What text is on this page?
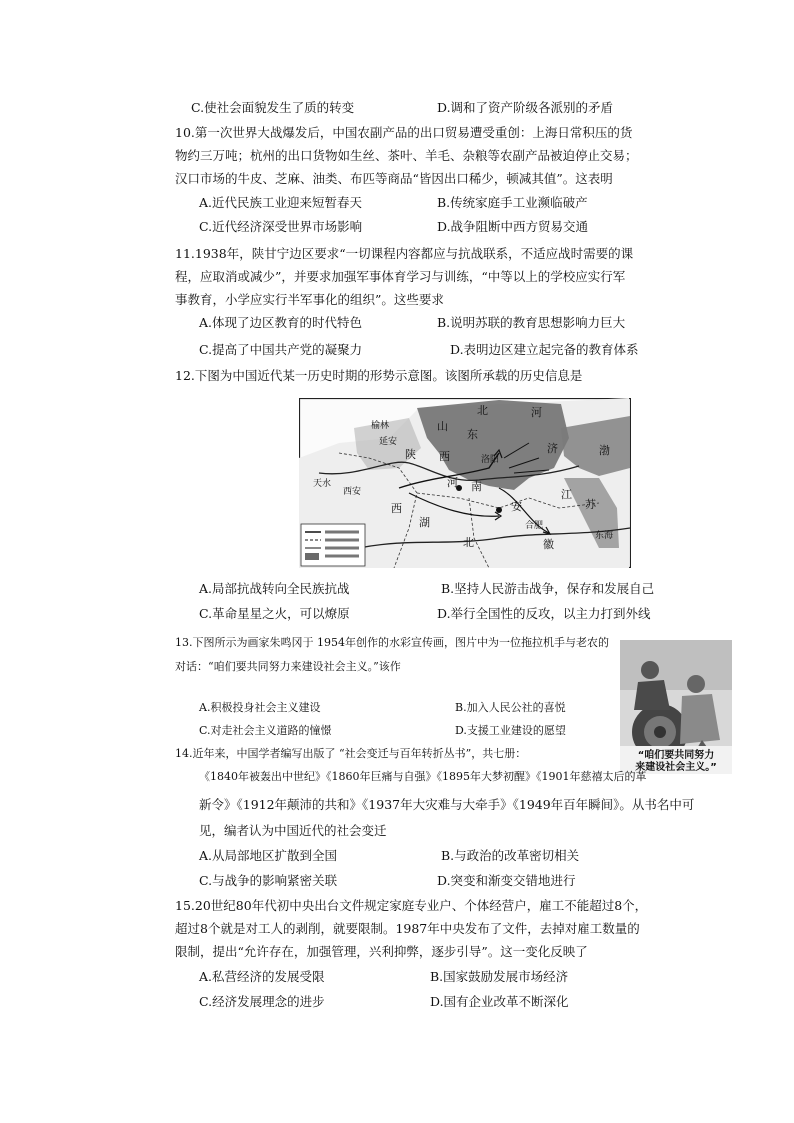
C.使社会面貌发生了质的转变	D.调和了资产阶级各派别的矛盾
10.第一次世界大战爆发后，中国农副产品的出口贸易遭受重创：上海日常积压的货
物约三万吨；杭州的出口货物如生丝、茶叶、羊毛、杂粮等农副产品被迫停止交易；
汉口市场的牛皮、芝麻、油类、布匹等商品“皆因出口稀少，顿减其值”。这表明
A.近代民族工业迎来短暂春天	B.传统家庭手工业濒临破产
C.近代经济深受世界市场影响	D.战争阻断中西方贸易交通
11.1938年，陕甘宁边区要求“一切课程内容都应与抗战联系，不适应战时需要的课
程，应取消或减少”，并要求加强军事体育学习与训练，“中等以上的学校应实行军
事教育，小学应实行半军事化的组织”。这些要求
A.体现了边区教育的时代特色	B.说明苏联的教育思想影响力巨大
C.提高了中国共产党的凝聚力	D.表明边区建立起完备的教育体系
12.下图为中国近代某一历史时期的形势示意图。该图所承载的历史信息是
北	河
榆林	山
东
延安
陕 西	洛阳
济	渤
天水
西安
河 南
安
江
西
湖
北
合肥
徽
苏
东海
A.局部抗战转向全民族抗战	B.坚持人民游击战争，保存和发展自己
C.革命星星之火，可以燎原	D.举行全国性的反攻，以主力打到外线
13.下图所示为画家朱鸣冈于 1954年创作的水彩宣传画，图片中为一位拖拉机手与老农的
对话：“咱们要共同努力来建设社会主义。”该作
“咱们要共同努力
来建设社会主义。”
A.积极投身社会主义建设	B.加入人民公社的喜悦
C.对走社会主义道路的憧憬	D.支援工业建设的愿望
14.近年来，中国学者编写出版了 “社会变迁与百年转折丛书”，共七册：
《1840年被轰出中世纪》《1860年巨痛与自强》《1895年大梦初醒》《1901年慈禧太后的革
新令》《1912年颠沛的共和》《1937年大灾难与大牵手》《1949年百年瞬间》。从书名中可
见，编者认为中国近代的社会变迁
A.从局部地区扩散到全国	B.与政治的改革密切相关
C.与战争的影响紧密关联	D.突变和渐变交错地进行
15.20世纪80年代初中央出台文件规定家庭专业户、个体经营户，雇工不能超过8个，
超过8个就是对工人的剥削，就要限制。1987年中央发布了文件，去掉对雇工数量的
限制，提出“允许存在，加强管理，兴利抑弊，逐步引导”。这一变化反映了
A.私营经济的发展受限	B.国家鼓励发展市场经济
C.经济发展理念的进步	D.国有企业改革不断深化
